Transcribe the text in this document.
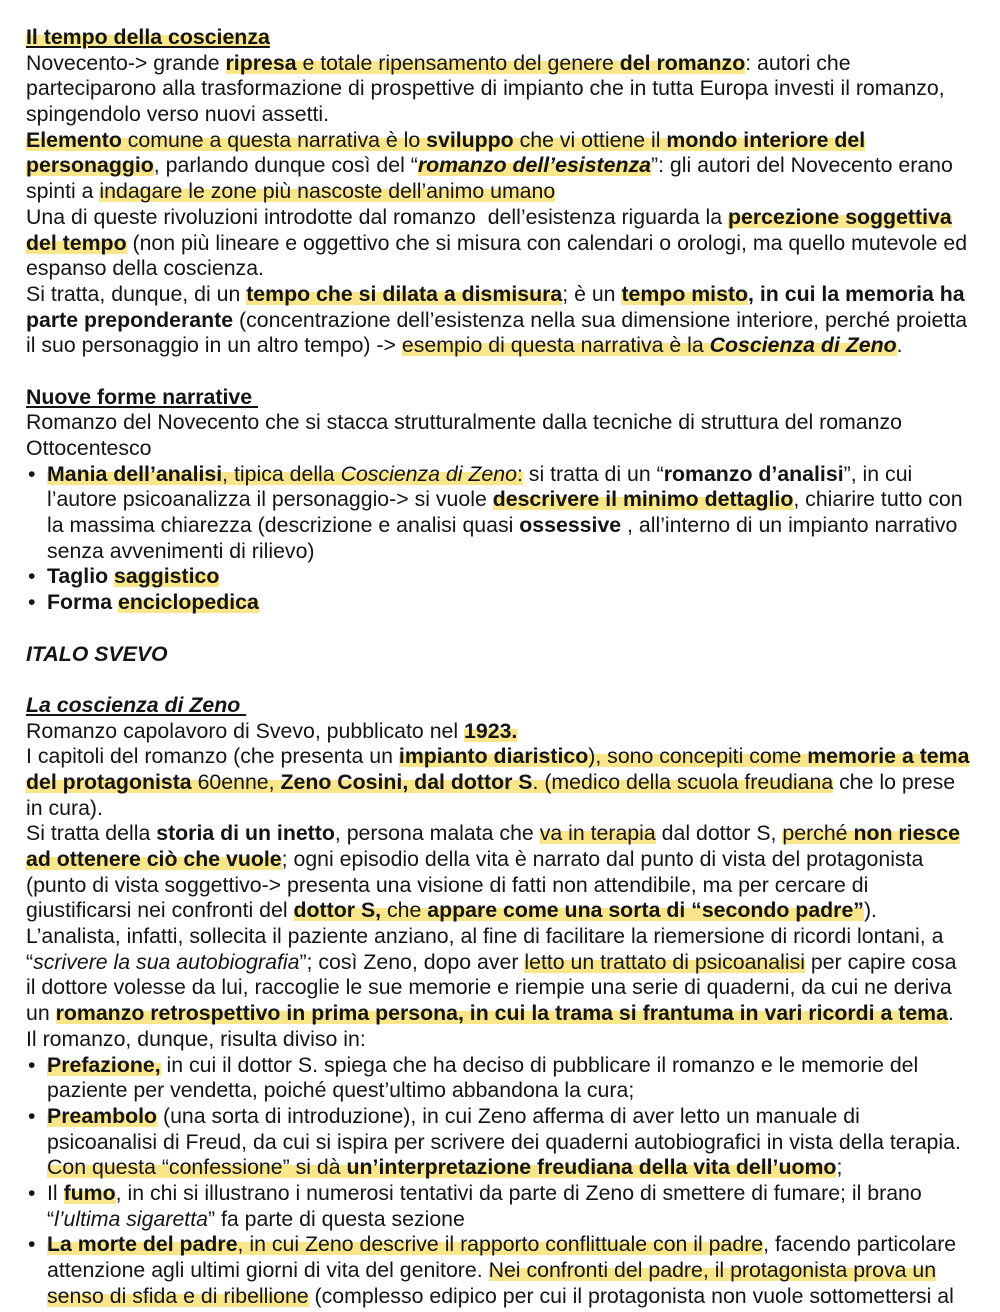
Il tempo della coscienza
Novecento-> grande ripresa e totale ripensamento del genere del romanzo: autori che
parteciparono alla trasformazione di prospettive di impianto che in tutta Europa investi il romanzo,
spingendolo verso nuovi assetti.
Elemento comune a questa narrativa è lo sviluppo che vi ottiene il mondo interiore del
personaggio, parlando dunque così del “romanzo dell’esistenza”: gli autori del Novecento erano
spinti a indagare le zone più nascoste dell’animo umano
Una di queste rivoluzioni introdotte dal romanzo  dell’esistenza riguarda la percezione soggettiva
del tempo (non più lineare e oggettivo che si misura con calendari o orologi, ma quello mutevole ed
espanso della coscienza.
Si tratta, dunque, di un tempo che si dilata a dismisura; è un tempo misto, in cui la memoria ha
parte preponderante (concentrazione dell’esistenza nella sua dimensione interiore, perché proietta
il suo personaggio in un altro tempo) -> esempio di questa narrativa è la Coscienza di Zeno.
Nuove forme narrative
Romanzo del Novecento che si stacca strutturalmente dalla tecniche di struttura del romanzo
Ottocentesco
• Mania dell’analisi, tipica della Coscienza di Zeno: si tratta di un “romanzo d’analisi”, in cui
l’autore psicoanalizza il personaggio-> si vuole descrivere il minimo dettaglio, chiarire tutto con
la massima chiarezza (descrizione e analisi quasi ossessive , all’interno di un impianto narrativo
senza avvenimenti di rilievo)
• Taglio saggistico
• Forma enciclopedica
ITALO SVEVO
La coscienza di Zeno
Romanzo capolavoro di Svevo, pubblicato nel 1923.
I capitoli del romanzo (che presenta un impianto diaristico), sono concepiti come memorie a tema
del protagonista 60enne, Zeno Cosini, dal dottor S. (medico della scuola freudiana che lo prese
in cura).
Si tratta della storia di un inetto, persona malata che va in terapia dal dottor S, perché non riesce
ad ottenere ciò che vuole; ogni episodio della vita è narrato dal punto di vista del protagonista
(punto di vista soggettivo-> presenta una visione di fatti non attendibile, ma per cercare di
giustificarsi nei confronti del dottor S, che appare come una sorta di “secondo padre”).
L’analista, infatti, sollecita il paziente anziano, al fine di facilitare la riemersione di ricordi lontani, a
“scrivere la sua autobiografia”; così Zeno, dopo aver letto un trattato di psicoanalisi per capire cosa
il dottore volesse da lui, raccoglie le sue memorie e riempie una serie di quaderni, da cui ne deriva
un romanzo retrospettivo in prima persona, in cui la trama si frantuma in vari ricordi a tema.
Il romanzo, dunque, risulta diviso in:
• Prefazione, in cui il dottor S. spiega che ha deciso di pubblicare il romanzo e le memorie del
paziente per vendetta, poiché quest’ultimo abbandona la cura;
• Preambolo (una sorta di introduzione), in cui Zeno afferma di aver letto un manuale di
psicoanalisi di Freud, da cui si ispira per scrivere dei quaderni autobiografici in vista della terapia.
Con questa “confessione” si dà un’interpretazione freudiana della vita dell’uomo;
• Il fumo, in chi si illustrano i numerosi tentativi da parte di Zeno di smettere di fumare; il brano
“l’ultima sigaretta” fa parte di questa sezione
• La morte del padre, in cui Zeno descrive il rapporto conflittuale con il padre, facendo particolare
attenzione agli ultimi giorni di vita del genitore. Nei confronti del padre, il protagonista prova un
senso di sfida e di ribellione (complesso edipico per cui il protagonista non vuole sottomettersi al
